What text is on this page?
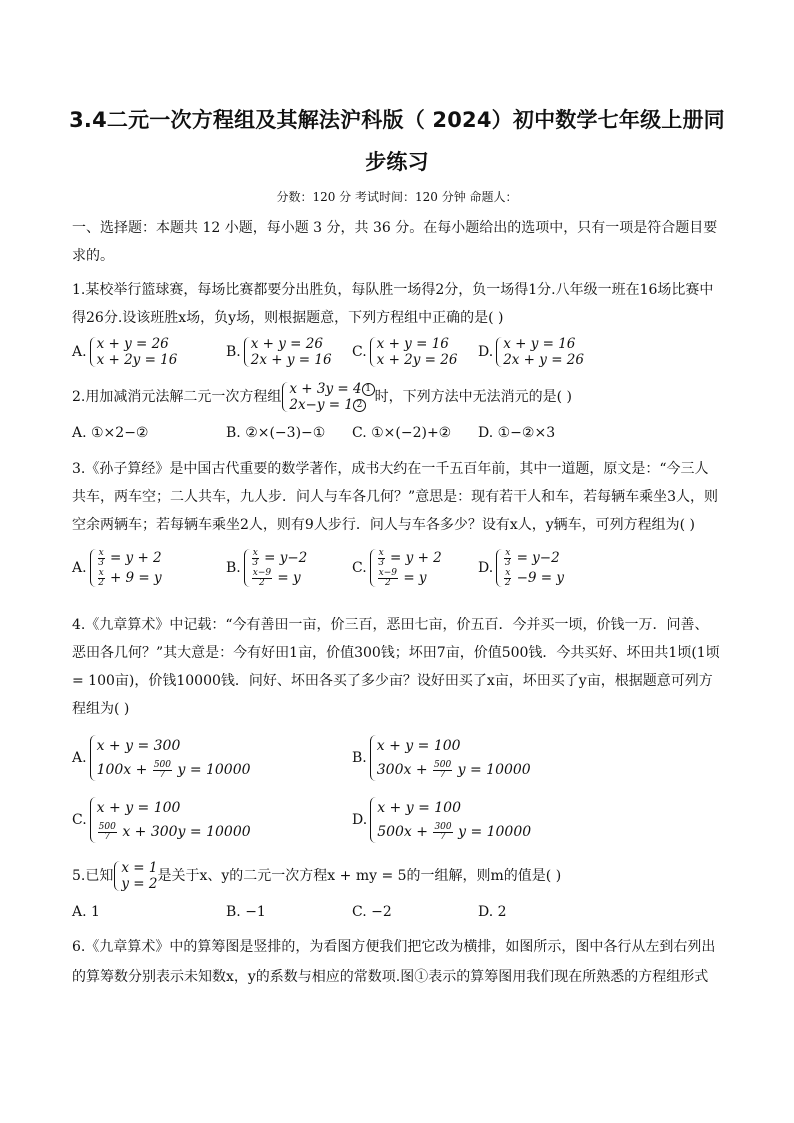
3.4二元一次方程组及其解法沪科版（ 2024）初中数学七年级上册同
步练习
分数：120 分 考试时间：120 分钟 命题人：
一、选择题：本题共 12 小题，每小题 3 分，共 36 分。在每小题给出的选项中，只有一项是符合题目要求的。
1.某校举行篮球赛，每场比赛都要分出胜负，每队胜一场得2分，负一场得1分.八年级一班在16场比赛中得26分.设该班胜x场，负y场，则根据题意，下列方程组中正确的是( )
A. x + y = 26
x + 2y = 16	B. x + y = 26
2x + y = 16 C. x + y = 16
x + 2y = 26 D. x + y = 16
2x + y = 26
2.用加减消元法解二元一次方程组 x + 3y = 4 1
2x−y = 1 2 时，下列方法中无法消元的是( )
A. ①×2−②	B. ②×(−3)−① C. ①×(−2)+② D. ①−②×3
3.《孙子算经》是中国古代重要的数学著作，成书大约在一千五百年前，其中一道题，原文是：“今三人共车，两车空；二人共车，九人步．问人与车各几何？”意思是：现有若干人和车，若每辆车乘坐3人，则空余两辆车；若每辆车乘坐2人，则有9人步行．问人与车各多少？设有x人，y辆车，可列方程组为( )
A. $\frac{x}{3} = y + 2$
$\frac{x}{2} + 9 = y$
B. $\frac{x}{3} = y-2$
$\frac{x-9}{2} = y$
C. $\frac{x}{3} = y + 2$
$\frac{x-9}{2} = y$
D. $\frac{x}{3} = y-2$
$\frac{x}{2} -9 = y$
4.《九章算术》中记载：“今有善田一亩，价三百，恶田七亩，价五百．今并买一顷，价钱一万．问善、恶田各几何？”其大意是：今有好田1亩，价值300钱；坏田7亩，价值500钱．今共买好、坏田共1顷(1顷 = 100亩)，价钱10000钱．问好、坏田各买了多少亩？设好田买了x亩，坏田买了y亩，根据题意可列方程组为( )
A.
x + y = 300
$100x + \frac{500}{7}$ y = 10000
B.
x + y = 100
$300x + \frac{500}{7}$ y = 10000
C.
x + y = 100
$\frac{500}{7}$ x + 300y = 10000
D.
x + y = 100
$500x + \frac{300}{7}$ y = 10000
5.已知 x = 1
y = 2 是关于x、y的二元一次方程x + my = 5的一组解，则m的值是( )
A. 1	B. −1	C. −2	D. 2
6.《九章算术》中的算筹图是竖排的，为看图方便我们把它改为横排，如图所示，图中各行从左到右列出的算筹数分别表示未知数x，y的系数与相应的常数项.图①表示的算筹图用我们现在所熟悉的方程组形式
